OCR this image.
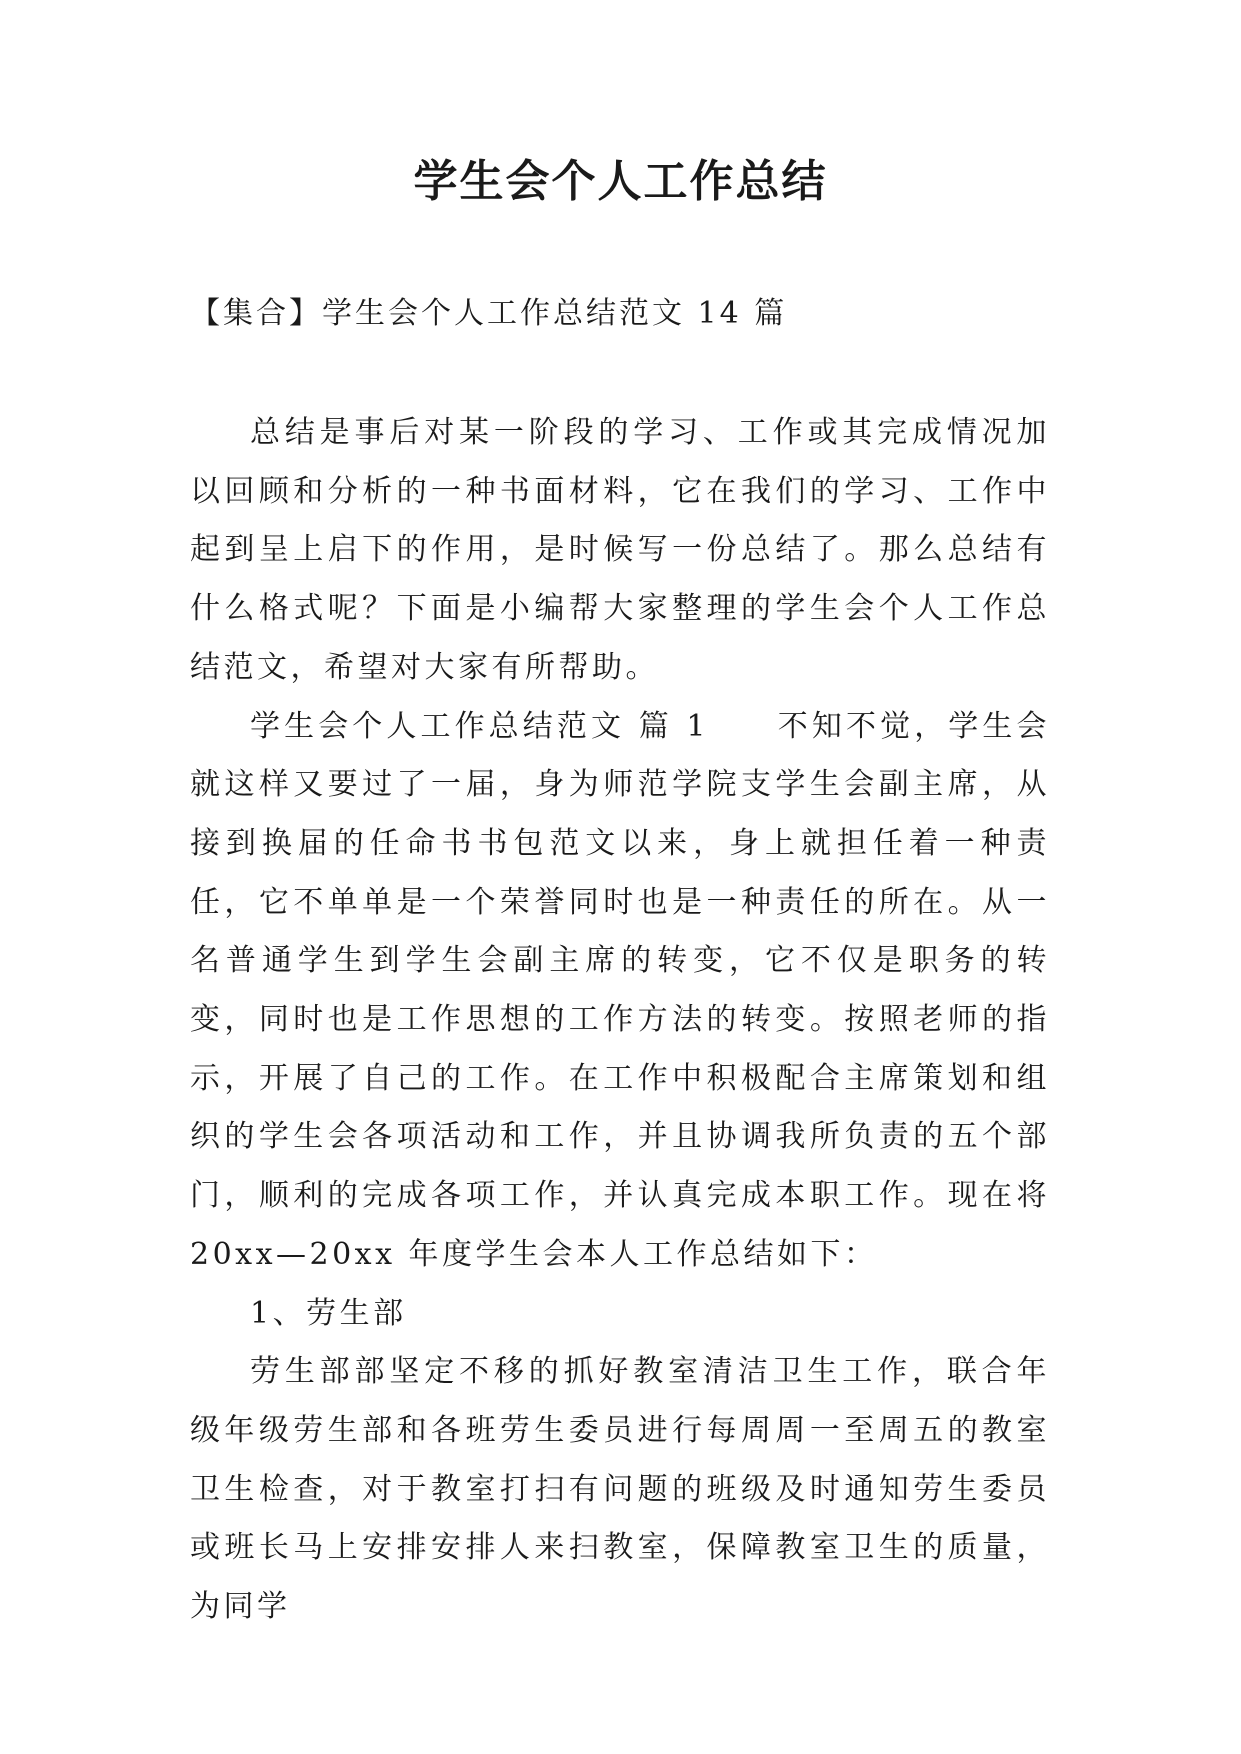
学生会个人工作总结

【集合】学生会个人工作总结范文 14 篇

总结是事后对某一阶段的学习、工作或其完成情况加以回顾和分析的一种书面材料，它在我们的学习、工作中起到呈上启下的作用，是时候写一份总结了。那么总结有什么格式呢？下面是小编帮大家整理的学生会个人工作总结范文，希望对大家有所帮助。

学生会个人工作总结范文 篇 1　　不知不觉，学生会就这样又要过了一届，身为师范学院支学生会副主席，从接到换届的任命书书包范文以来，身上就担任着一种责任，它不单单是一个荣誉同时也是一种责任的所在。从一名普通学生到学生会副主席的转变，它不仅是职务的转变，同时也是工作思想的工作方法的转变。按照老师的指示，开展了自己的工作。在工作中积极配合主席策划和组织的学生会各项活动和工作，并且协调我所负责的五个部门，顺利的完成各项工作，并认真完成本职工作。现在将 20xx—20xx 年度学生会本人工作总结如下：

1、劳生部

劳生部部坚定不移的抓好教室清洁卫生工作，联合年级年级劳生部和各班劳生委员进行每周周一至周五的教室卫生检查，对于教室打扫有问题的班级及时通知劳生委员或班长马上安排安排人来扫教室，保障教室卫生的质量，为同学
